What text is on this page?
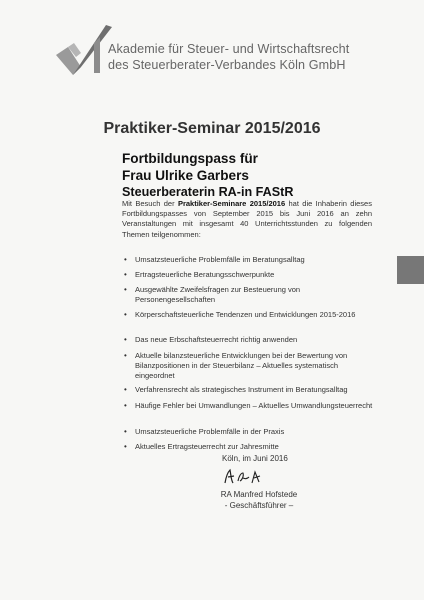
Akademie für Steuer- und Wirtschaftsrecht
des Steuerberater-Verbandes Köln GmbH
Praktiker-Seminar 2015/2016
Fortbildungspass für
Frau Ulrike Garbers
Steuerberaterin RA-in FAStR
Mit Besuch der Praktiker-Seminare 2015/2016 hat die Inhaberin dieses Fortbildungspasses von September 2015 bis Juni 2016 an zehn Veranstaltungen mit insgesamt 40 Unterrichtsstunden zu folgenden Themen teilgenommen:
•	Umsatzsteuerliche Problemfälle im Beratungsalltag
•	Ertragsteuerliche Beratungsschwerpunkte
•	Ausgewählte Zweifelsfragen zur Besteuerung von Personengesellschaften
•	Körperschaftsteuerliche Tendenzen und Entwicklungen 2015-2016
•	Das neue Erbschaftsteuerrecht richtig anwenden
•	Aktuelle bilanzsteuerliche Entwicklungen bei der Bewertung von Bilanzpositionen in der Steuerbilanz – Aktuelles systematisch eingeordnet
•	Verfahrensrecht als strategisches Instrument im Beratungsalltag
•	Häufige Fehler bei Umwandlungen – Aktuelles Umwandlungsteuerrecht
•	Umsatzsteuerliche Problemfälle in der Praxis
•	Aktuelles Ertragsteuerrecht zur Jahresmitte
Köln, im Juni 2016
RA Manfred Hofstede
- Geschäftsführer –
